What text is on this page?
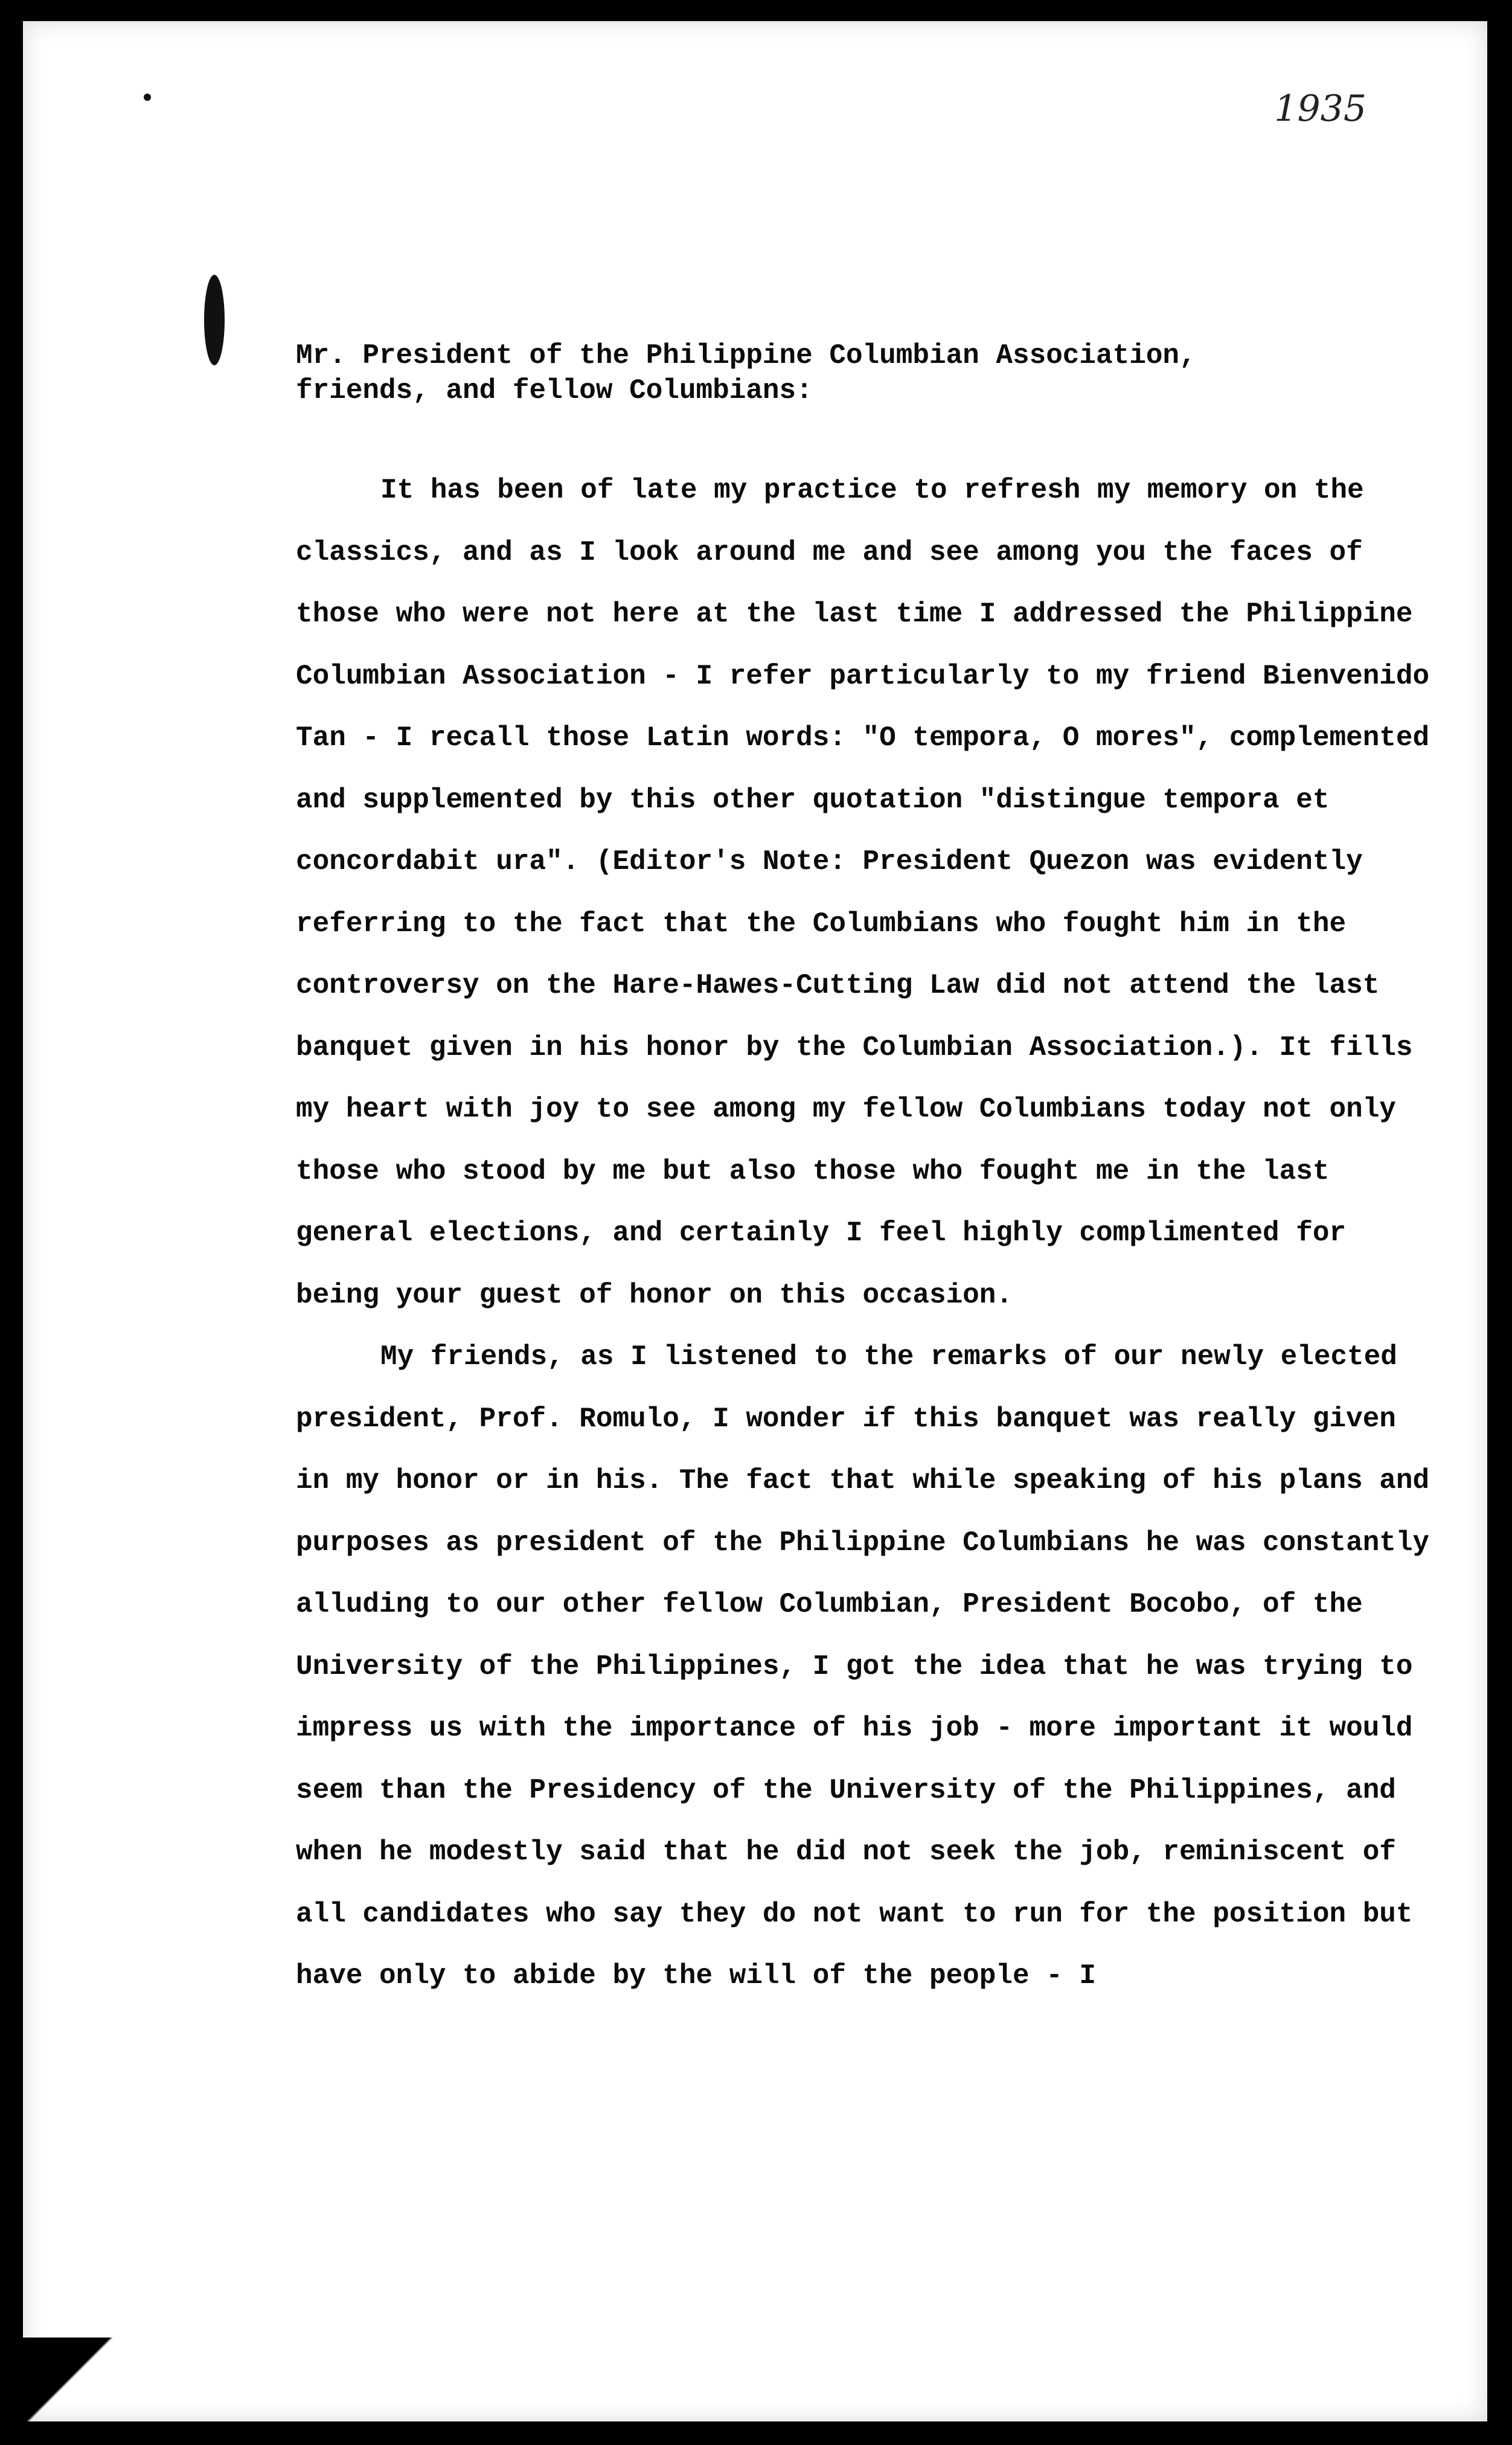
1935
Mr. President of the Philippine Columbian Association,
friends, and fellow Columbians:

It has been of late my practice to refresh my memory on the classics, and as I look around me and see among you the faces of those who were not here at the last time I addressed the Philippine Columbian Association - I refer particularly to my friend Bienvenido Tan - I recall those Latin words: "O tempora, O mores", complemented and supplemented by this other quotation "distingue tempora et concordabit ura". (Editor's Note: President Quezon was evidently referring to the fact that the Columbians who fought him in the controversy on the Hare-Hawes-Cutting Law did not attend the last banquet given in his honor by the Columbian Association.). It fills my heart with joy to see among my fellow Columbians today not only those who stood by me but also those who fought me in the last general elections, and certainly I feel highly complimented for being your guest of honor on this occasion.

My friends, as I listened to the remarks of our newly elected president, Prof. Romulo, I wonder if this banquet was really given in my honor or in his. The fact that while speaking of his plans and purposes as president of the Philippine Columbians he was constantly alluding to our other fellow Columbian, President Bocobo, of the University of the Philippines, I got the idea that he was trying to impress us with the importance of his job - more important it would seem than the Presidency of the University of the Philippines, and when he modestly said that he did not seek the job, reminiscent of all candidates who say they do not want to run for the position but have only to abide by the will of the people - I
